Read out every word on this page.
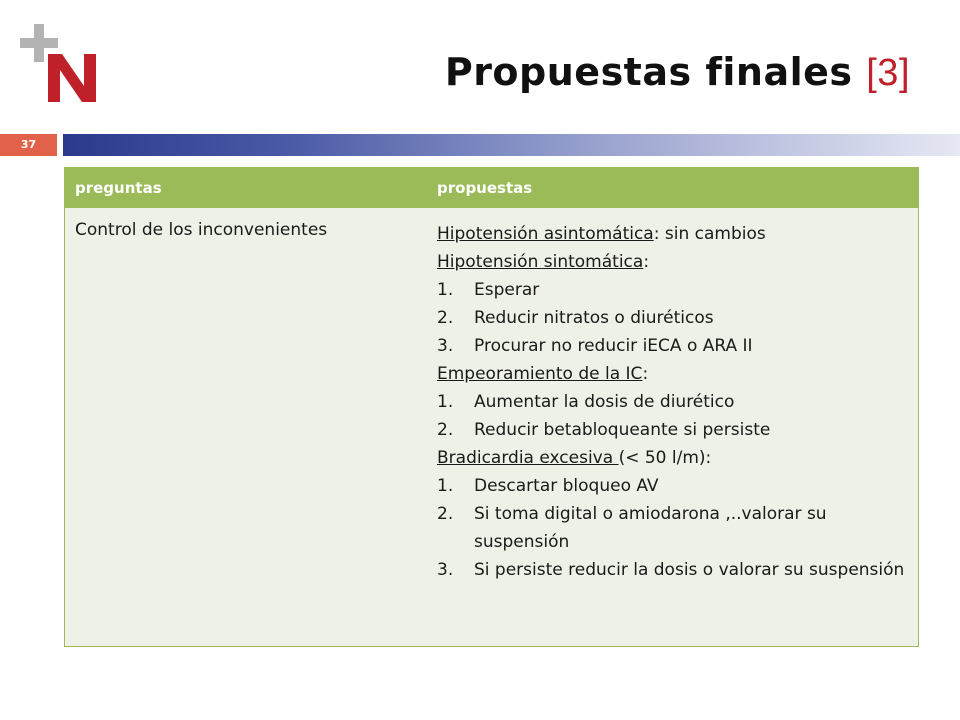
Propuestas finales [3]
37
preguntas	propuestas
Control de los inconvenientes	Hipotensión asintomática: sin cambios
Hipotensión sintomática:
1. Esperar
2. Reducir nitratos o diuréticos
3. Procurar no reducir iECA o ARA II
Empeoramiento de la IC:
1. Aumentar la dosis de diurético
2. Reducir betabloqueante si persiste
Bradicardia excesiva (< 50 l/m):
1. Descartar bloqueo AV
2. Si toma digital o amiodarona ,..valorar su suspensión
3. Si persiste reducir la dosis o valorar su suspensión
